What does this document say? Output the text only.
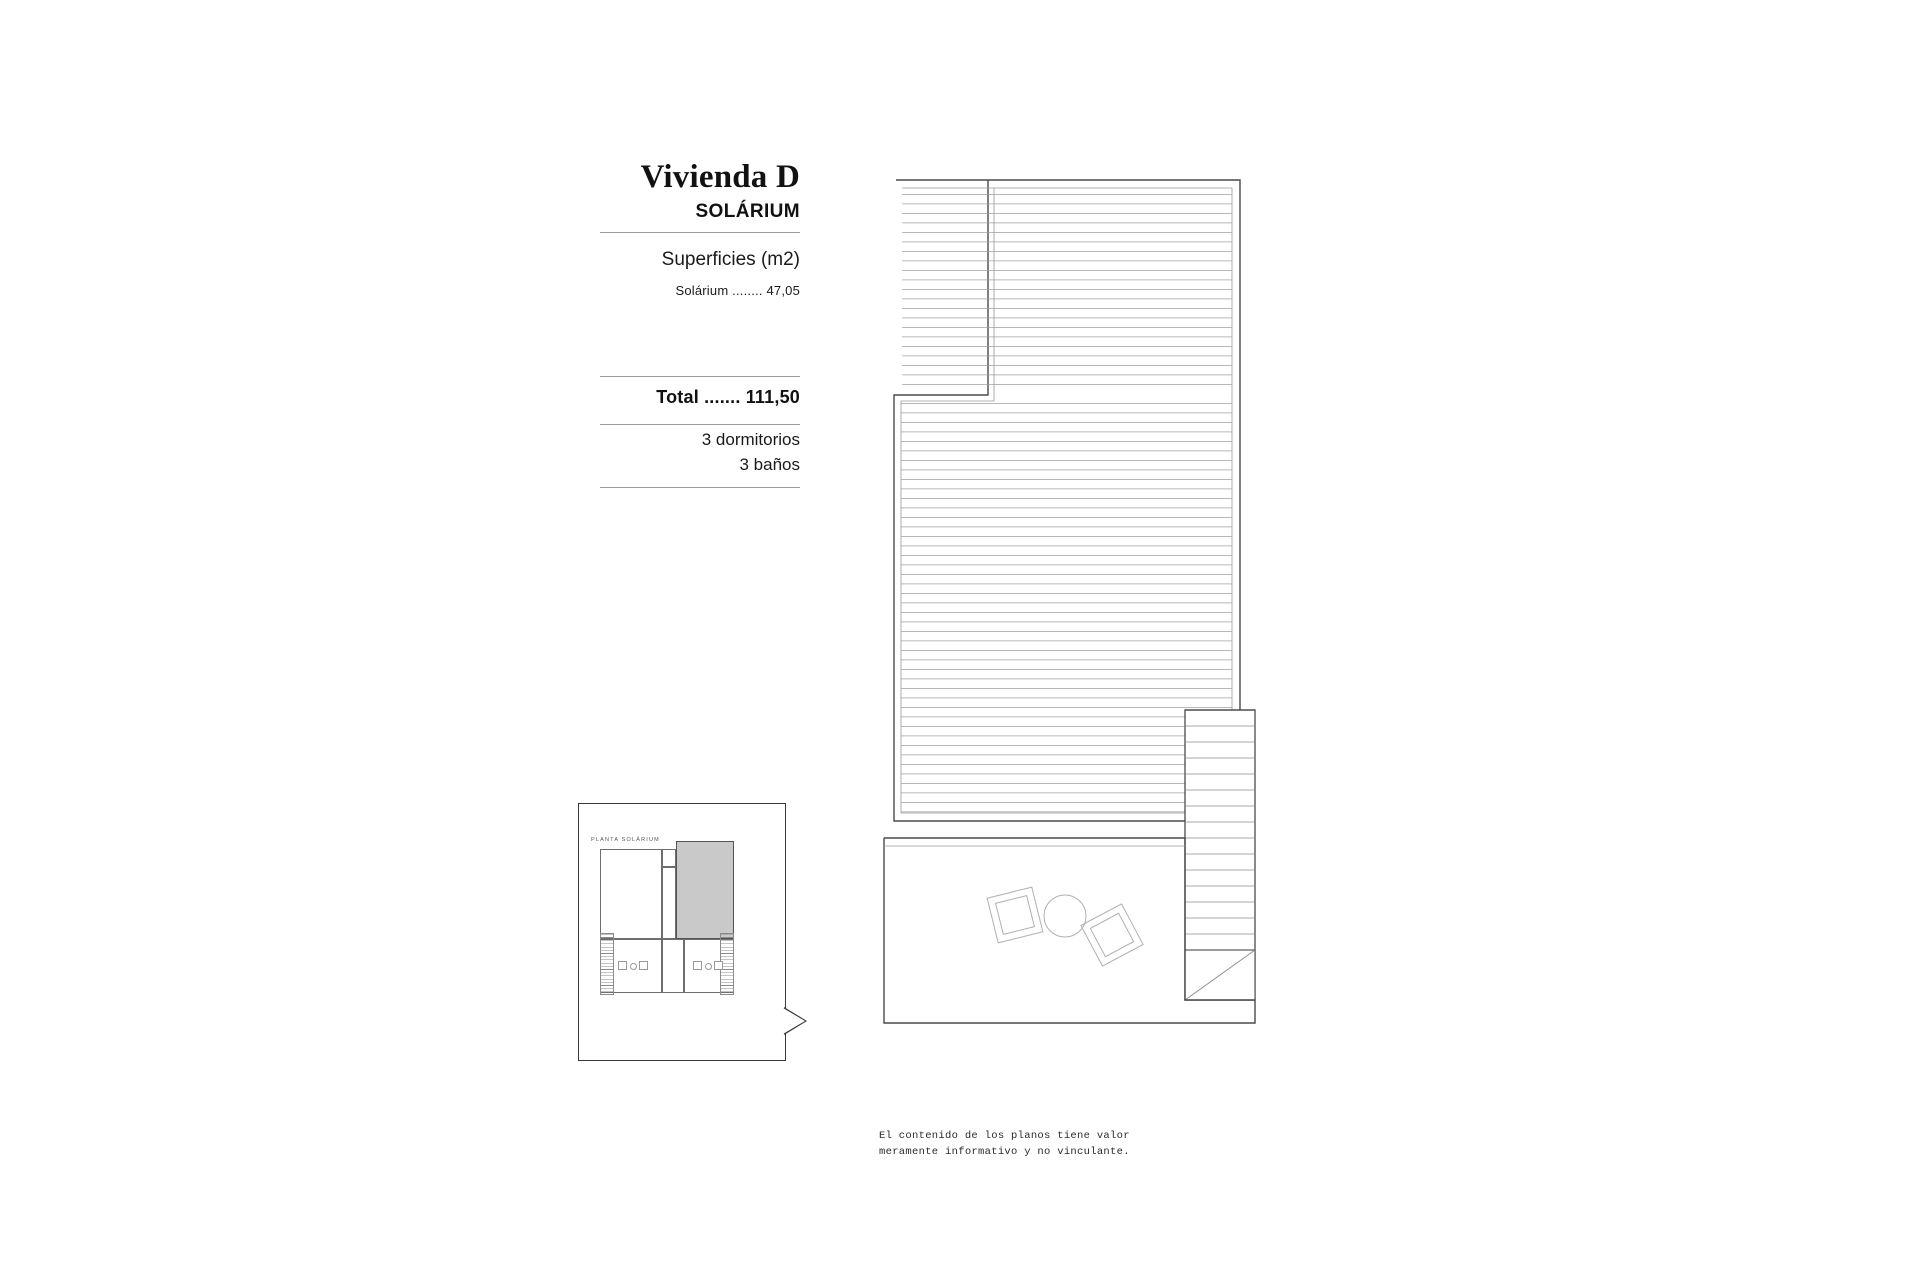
Vivienda D
SOLÁRIUM
Superficies (m2)
Solárium ........ 47,05
Total ....... 111,50
3 dormitorios
3 baños
PLANTA SOLÁRIUM
El contenido de los planos tiene valor
meramente informativo y no vinculante.
